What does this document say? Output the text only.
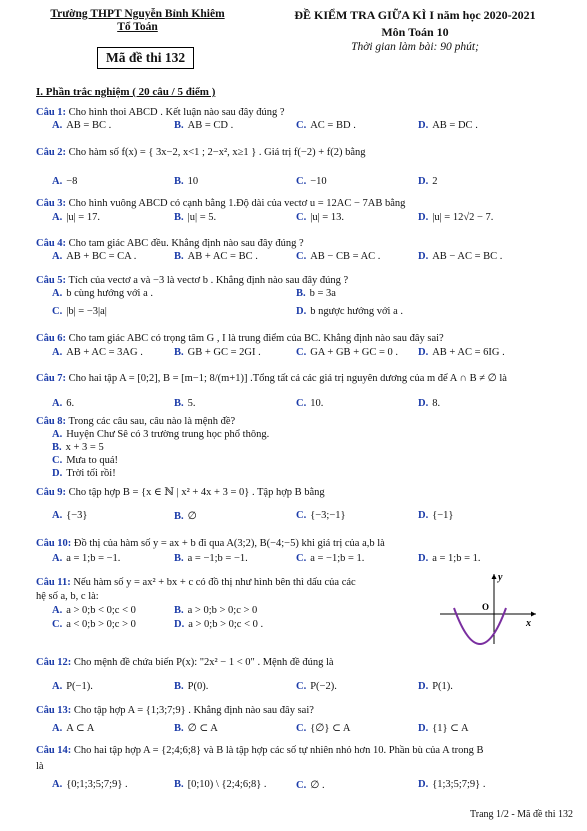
Trường THPT Nguyễn Bỉnh Khiêm
Tổ Toán
ĐỀ KIỂM TRA GIỮA KÌ I năm học 2020-2021
Môn Toán 10
Thời gian làm bài: 90 phút;
Mã đề thi 132
I. Phần trắc nghiệm ( 20 câu / 5 điểm )
Câu 1: Cho hình thoi ABCD . Kết luận nào sau đây đúng ?
A. AB = BC .	B. AB = CD .	C. AC = BD .	D. AB = DC .
Câu 2: Cho hàm số f(x) = { 3x−2, x<1 ; 2−x², x≥1 } . Giá trị f(−2) + f(2) bằng
A. −8	B. 10	C. −10	D. 2
Câu 3: Cho hình vuông ABCD có cạnh bằng 1.Độ dài của vectơ u = 12AC − 7AB bằng
A. |u| = 17.	B. |u| = 5.	C. |u| = 13.	D. |u| = 12√2 − 7.
Câu 4: Cho tam giác ABC đều. Khẳng định nào sau đây đúng ?
A. AB + BC = CA .	B. AB + AC = BC .	C. AB − CB = AC .	D. AB − AC = BC .
Câu 5: Tích của vectơ a và −3 là vectơ b . Khẳng định nào sau đây đúng ?
A. b cùng hướng với a .	B. b = 3a
C. |b| = −3|a|	D. b ngược hướng với a .
Câu 6: Cho tam giác ABC có trọng tâm G , I là trung điểm của BC. Khẳng định nào sau đây sai?
A. AB + AC = 3AG .	B. GB + GC = 2GI .	C. GA + GB + GC = 0 . D. AB + AC = 6IG .
Câu 7: Cho hai tập A = [0;2], B = [m−1; 8/(m+1)] .Tổng tất cả các giá trị nguyên dương của m để A ∩ B ≠ ∅ là
A. 6.	B. 5.	C. 10.	D. 8.
Câu 8: Trong các câu sau, câu nào là mệnh đề?
A. Huyện Chư Sê có 3 trường trung học phổ thông.
B. x + 3 = 5
C. Mưa to quá!
D. Trời tối rồi!
Câu 9: Cho tập hợp B = {x ∈ ℕ | x² + 4x + 3 = 0} . Tập hợp B bằng
A. {−3}	B. ∅	C. {−3;−1}	D. {−1}
Câu 10: Đồ thị của hàm số y = ax + b đi qua A(3;2), B(−4;−5) khi giá trị của a,b là
A. a = 1;b = −1.	B. a = −1;b = −1.	C. a = −1;b = 1.	D. a = 1;b = 1.
Câu 11: Nếu hàm số y = ax² + bx + c có đồ thị như hình bên thì dấu của các
hệ số a, b, c là:
A. a > 0;b < 0;c < 0	B. a > 0;b > 0;c > 0
C. a < 0;b > 0;c > 0	D. a > 0;b > 0;c < 0 .
Câu 12: Cho mệnh đề chứa biến P(x): "2x² − 1 < 0" . Mệnh đề đúng là
A. P(−1).	B. P(0).	C. P(−2).	D. P(1).
Câu 13: Cho tập hợp A = {1;3;7;9} . Khẳng định nào sau đây sai?
A. A ⊂ A	B. ∅ ⊂ A	C. {∅} ⊂ A	D. {1} ⊂ A
Câu 14: Cho hai tập hợp A = {2;4;6;8} và B là tập hợp các số tự nhiên nhỏ hơn 10. Phần bù của A trong B
là
A. {0;1;3;5;7;9} .	B. [0;10) \ {2;4;6;8} .	C. ∅ .	D. {1;3;5;7;9} .
y
x
O
Trang 1/2 - Mã đề thi 132
